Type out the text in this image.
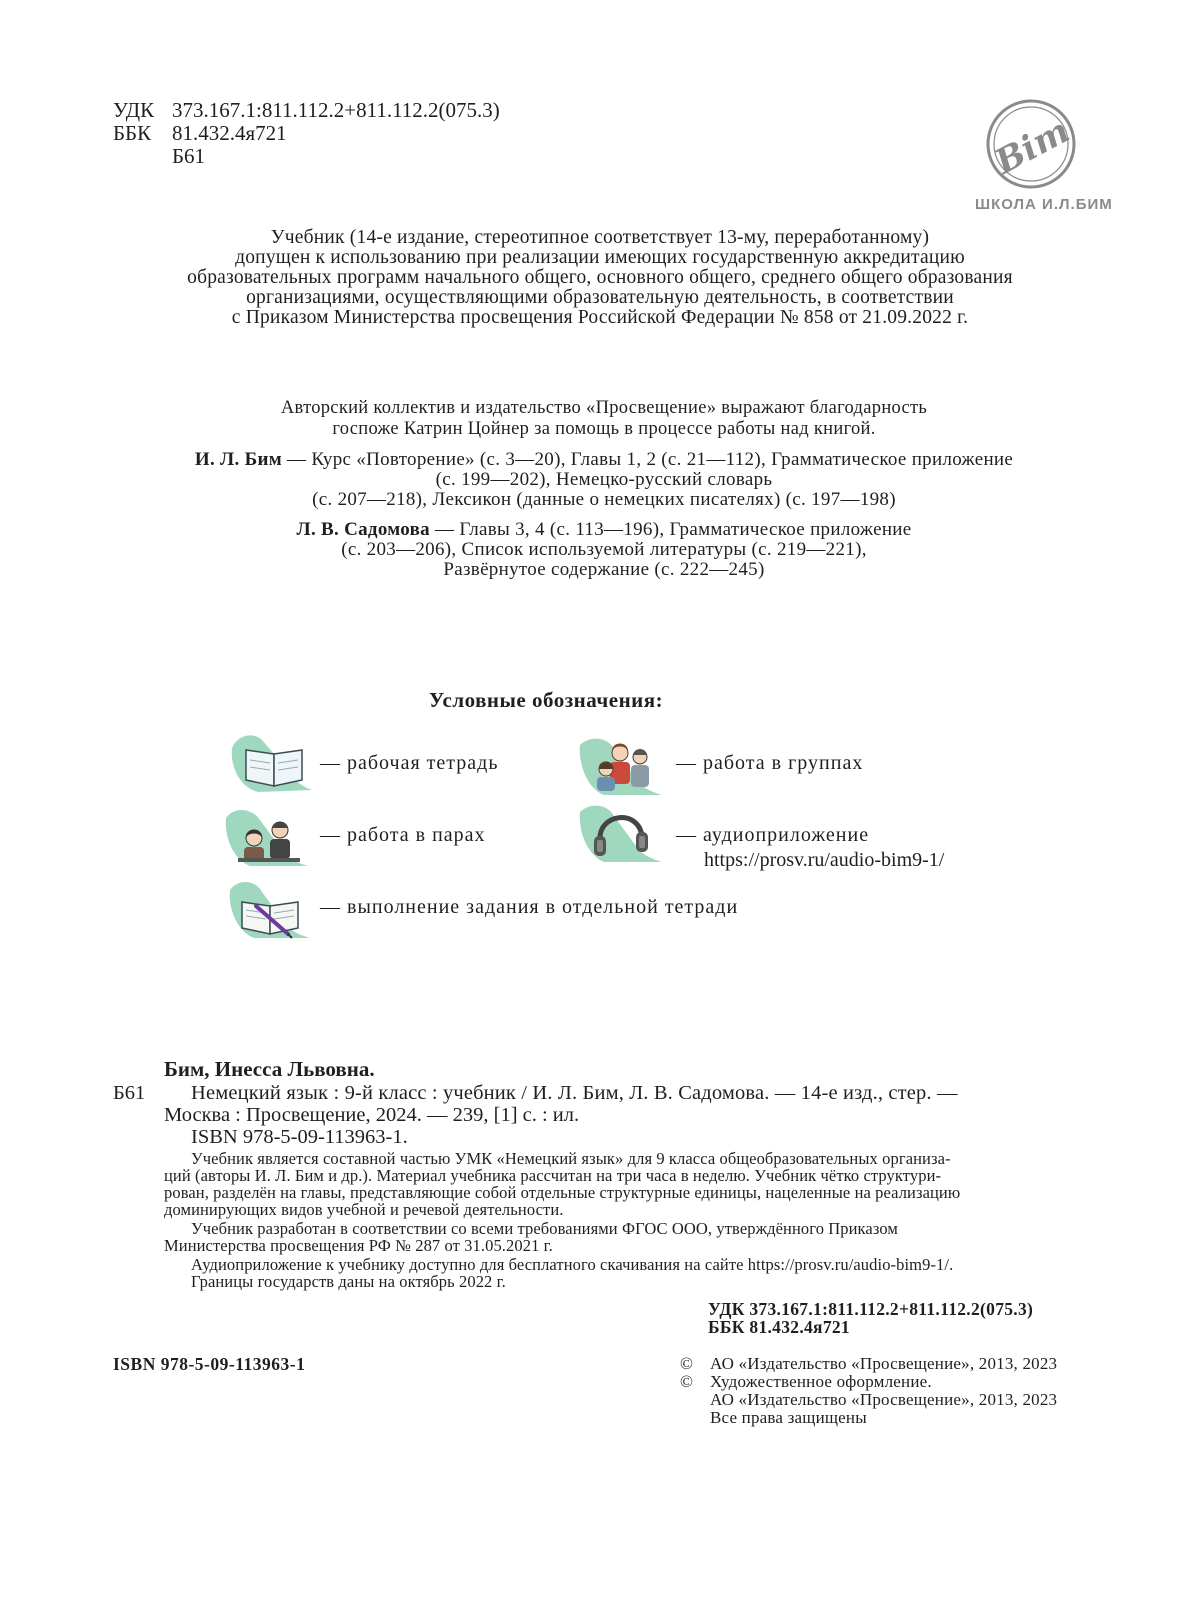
УДК 373.167.1:811.112.2+811.112.2(075.3)
ББК 81.432.4я721
Б61	Bim
ШКОЛА И.Л.БИМ

Учебник (14-е издание, стереотипное соответствует 13-му, переработанному)

допущен к использованию при реализации имеющих государственную аккредитацию

образовательных программ начального общего, основного общего, среднего общего образования

организациями, осуществляющими образовательную деятельность, в соответствии

с Приказом Министерства просвещения Российской Федерации № 858 от 21.09.2022 г.

Авторский коллектив и издательство «Просвещение» выражают благодарность

госпоже Катрин Цойнер за помощь в процессе работы над книгой.

И. Л. Бим — Курс «Повторение» (с. 3—20), Главы 1, 2 (с. 21—112), Грамматическое приложение

(с. 199—202), Немецко-русский словарь

(с. 207—218), Лексикон (данные о немецких писателях) (с. 197—198)

Л. В. Садомова — Главы 3, 4 (с. 113—196), Грамматическое приложение

(с. 203—206), Список используемой литературы (с. 219—221),

Развёрнутое содержание (с. 222—245)

Условные обозначения:
— рабочая тетрадь	— работа в группах
— работа в парах	— аудиоприложение
https://prosv.ru/audio-bim9-1/
— выполнение задания в отдельной тетради
Бим, Инесса Львовна.
Б61 Немецкий язык : 9-й класс : учебник / И. Л. Бим, Л. В. Садомова. — 14-е изд., стер. —
Москва : Просвещение, 2024. — 239, [1] с. : ил.
ISBN 978-5-09-113963-1.
Учебник является составной частью УМК «Немецкий язык» для 9 класса общеобразовательных организа-
ций (авторы И. Л. Бим и др.). Материал учебника рассчитан на три часа в неделю. Учебник чётко структури-
рован, разделён на главы, представляющие собой отдельные структурные единицы, нацеленные на реализацию
доминирующих видов учебной и речевой деятельности.
Учебник разработан в соответствии со всеми требованиями ФГОС ООО, утверждённого Приказом
Министерства просвещения РФ № 287 от 31.05.2021 г.
Аудиоприложение к учебнику доступно для бесплатного скачивания на сайте https://prosv.ru/audio-bim9-1/.
Границы государств даны на октябрь 2022 г.
УДК 373.167.1:811.112.2+811.112.2(075.3)
ББК 81.432.4я721
ISBN 978-5-09-113963-1	© АО «Издательство «Просвещение», 2013, 2023
© Художественное оформление.
АО «Издательство «Просвещение», 2013, 2023
Все права защищены
